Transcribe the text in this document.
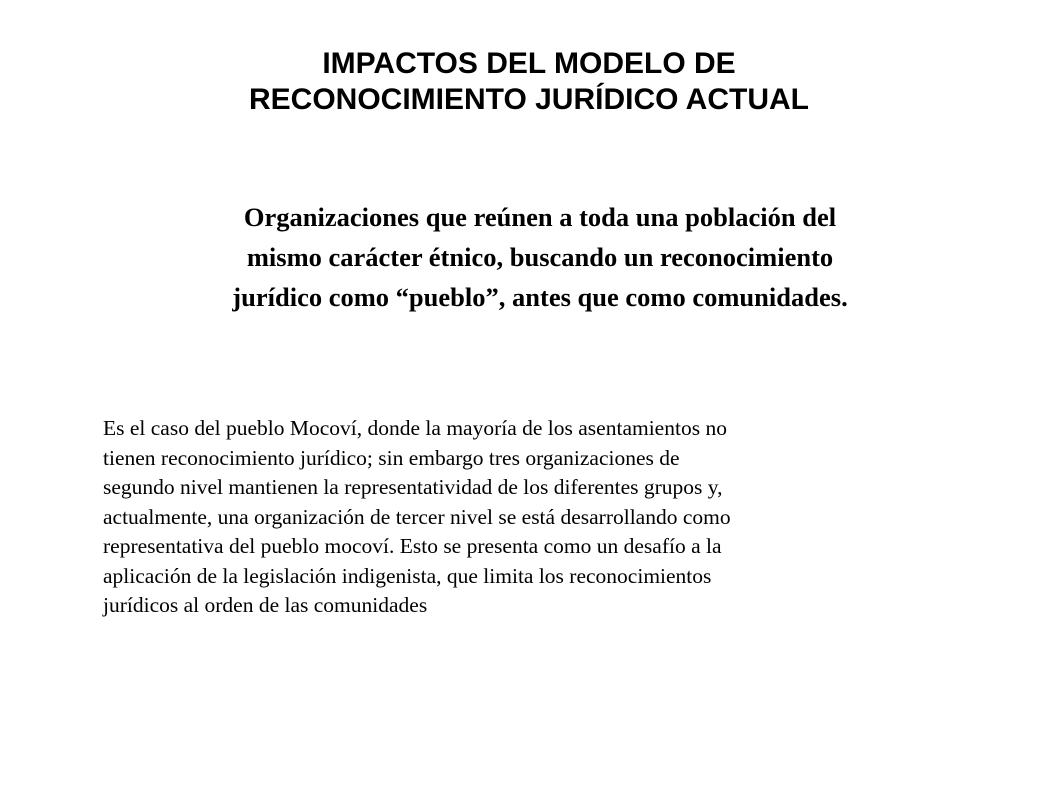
IMPACTOS DEL MODELO DE
RECONOCIMIENTO JURÍDICO ACTUAL

Organizaciones que reúnen a toda una población del
mismo carácter étnico, buscando un reconocimiento
jurídico como “pueblo”, antes que como comunidades.

Es el caso del pueblo Mocoví, donde la mayoría de los asentamientos no
tienen reconocimiento jurídico; sin embargo tres organizaciones de
segundo nivel mantienen la representatividad de los diferentes grupos y,
actualmente, una organización de tercer nivel se está desarrollando como
representativa del pueblo mocoví. Esto se presenta como un desafío a la
aplicación de la legislación indigenista, que limita los reconocimientos
jurídicos al orden de las comunidades
